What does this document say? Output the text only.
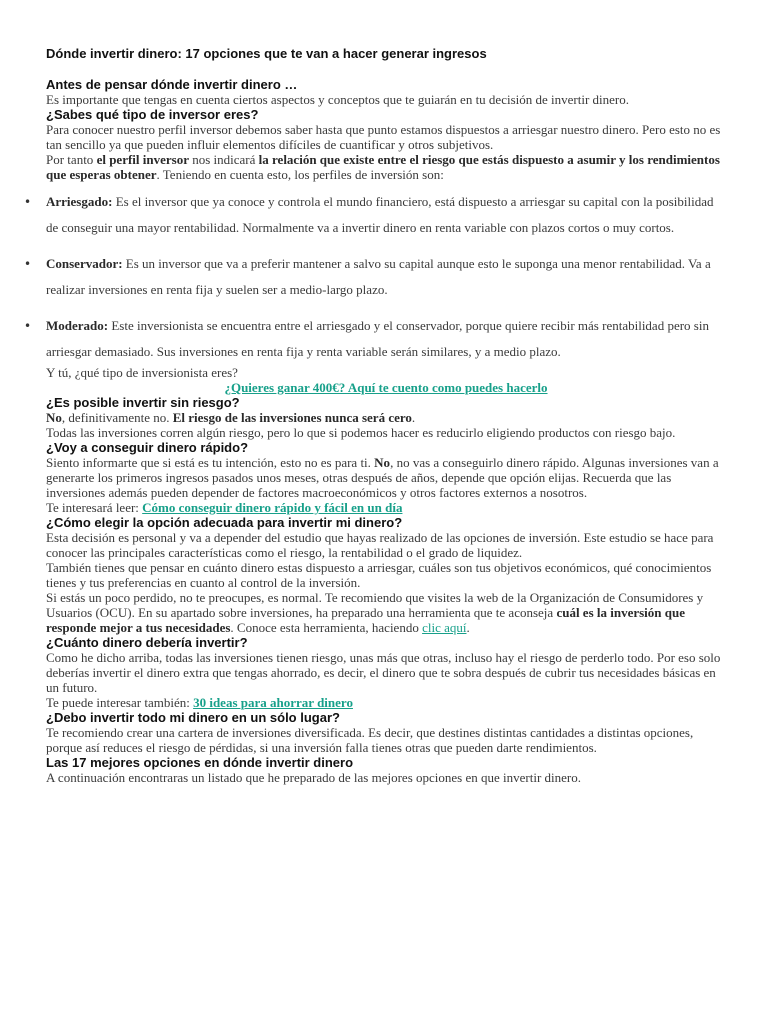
Dónde invertir dinero: 17 opciones que te van a hacer generar ingresos
Antes de pensar dónde invertir dinero …

Es importante que tengas en cuenta ciertos aspectos y conceptos que te guiarán en tu decisión de invertir dinero.

¿Sabes qué tipo de inversor eres?

Para conocer nuestro perfil inversor debemos saber hasta que punto estamos dispuestos a arriesgar nuestro dinero. Pero esto no es tan sencillo ya que pueden influir elementos difíciles de cuantificar y otros subjetivos.

Por tanto el perfil inversor nos indicará la relación que existe entre el riesgo que estás dispuesto a asumir y los rendimientos que esperas obtener. Teniendo en cuenta esto, los perfiles de inversión son:

• Arriesgado: Es el inversor que ya conoce y controla el mundo financiero, está dispuesto a arriesgar su capital con la posibilidad de conseguir una mayor rentabilidad. Normalmente va a invertir dinero en renta variable con plazos cortos o muy cortos.
• Conservador: Es un inversor que va a preferir mantener a salvo su capital aunque esto le suponga una menor rentabilidad. Va a realizar inversiones en renta fija y suelen ser a medio-largo plazo.
• Moderado: Este inversionista se encuentra entre el arriesgado y el conservador, porque quiere recibir más rentabilidad pero sin arriesgar demasiado. Sus inversiones en renta fija y renta variable serán similares, y a medio plazo.

Y tú, ¿qué tipo de inversionista eres?

¿Quieres ganar 400€? Aquí te cuento como puedes hacerlo

¿Es posible invertir sin riesgo?

No, definitivamente no. El riesgo de las inversiones nunca será cero.

Todas las inversiones corren algún riesgo, pero lo que si podemos hacer es reducirlo eligiendo productos con riesgo bajo.

¿Voy a conseguir dinero rápido?

Siento informarte que si está es tu intención, esto no es para ti. No, no vas a conseguirlo dinero rápido. Algunas inversiones van a generarte los primeros ingresos pasados unos meses, otras después de años, depende que opción elijas. Recuerda que las inversiones además pueden depender de factores macroeconómicos y otros factores externos a nosotros.

Te interesará leer: Cómo conseguir dinero rápido y fácil en un día

¿Cómo elegir la opción adecuada para invertir mi dinero?

Esta decisión es personal y va a depender del estudio que hayas realizado de las opciones de inversión. Este estudio se hace para conocer las principales características como el riesgo, la rentabilidad o el grado de liquidez.

También tienes que pensar en cuánto dinero estas dispuesto a arriesgar, cuáles son tus objetivos económicos, qué conocimientos tienes y tus preferencias en cuanto al control de la inversión.

Si estás un poco perdido, no te preocupes, es normal. Te recomiendo que visites la web de la Organización de Consumidores y Usuarios (OCU). En su apartado sobre inversiones, ha preparado una herramienta que te aconseja cuál es la inversión que responde mejor a tus necesidades. Conoce esta herramienta, haciendo clic aquí.

¿Cuánto dinero debería invertir?

Como he dicho arriba, todas las inversiones tienen riesgo, unas más que otras, incluso hay el riesgo de perderlo todo. Por eso solo deberías invertir el dinero extra que tengas ahorrado, es decir, el dinero que te sobra después de cubrir tus necesidades básicas en un futuro.

Te puede interesar también: 30 ideas para ahorrar dinero

¿Debo invertir todo mi dinero en un sólo lugar?

Te recomiendo crear una cartera de inversiones diversificada. Es decir, que destines distintas cantidades a distintas opciones, porque así reduces el riesgo de pérdidas, si una inversión falla tienes otras que pueden darte rendimientos.

Las 17 mejores opciones en dónde invertir dinero

A continuación encontraras un listado que he preparado de las mejores opciones en que invertir dinero.
